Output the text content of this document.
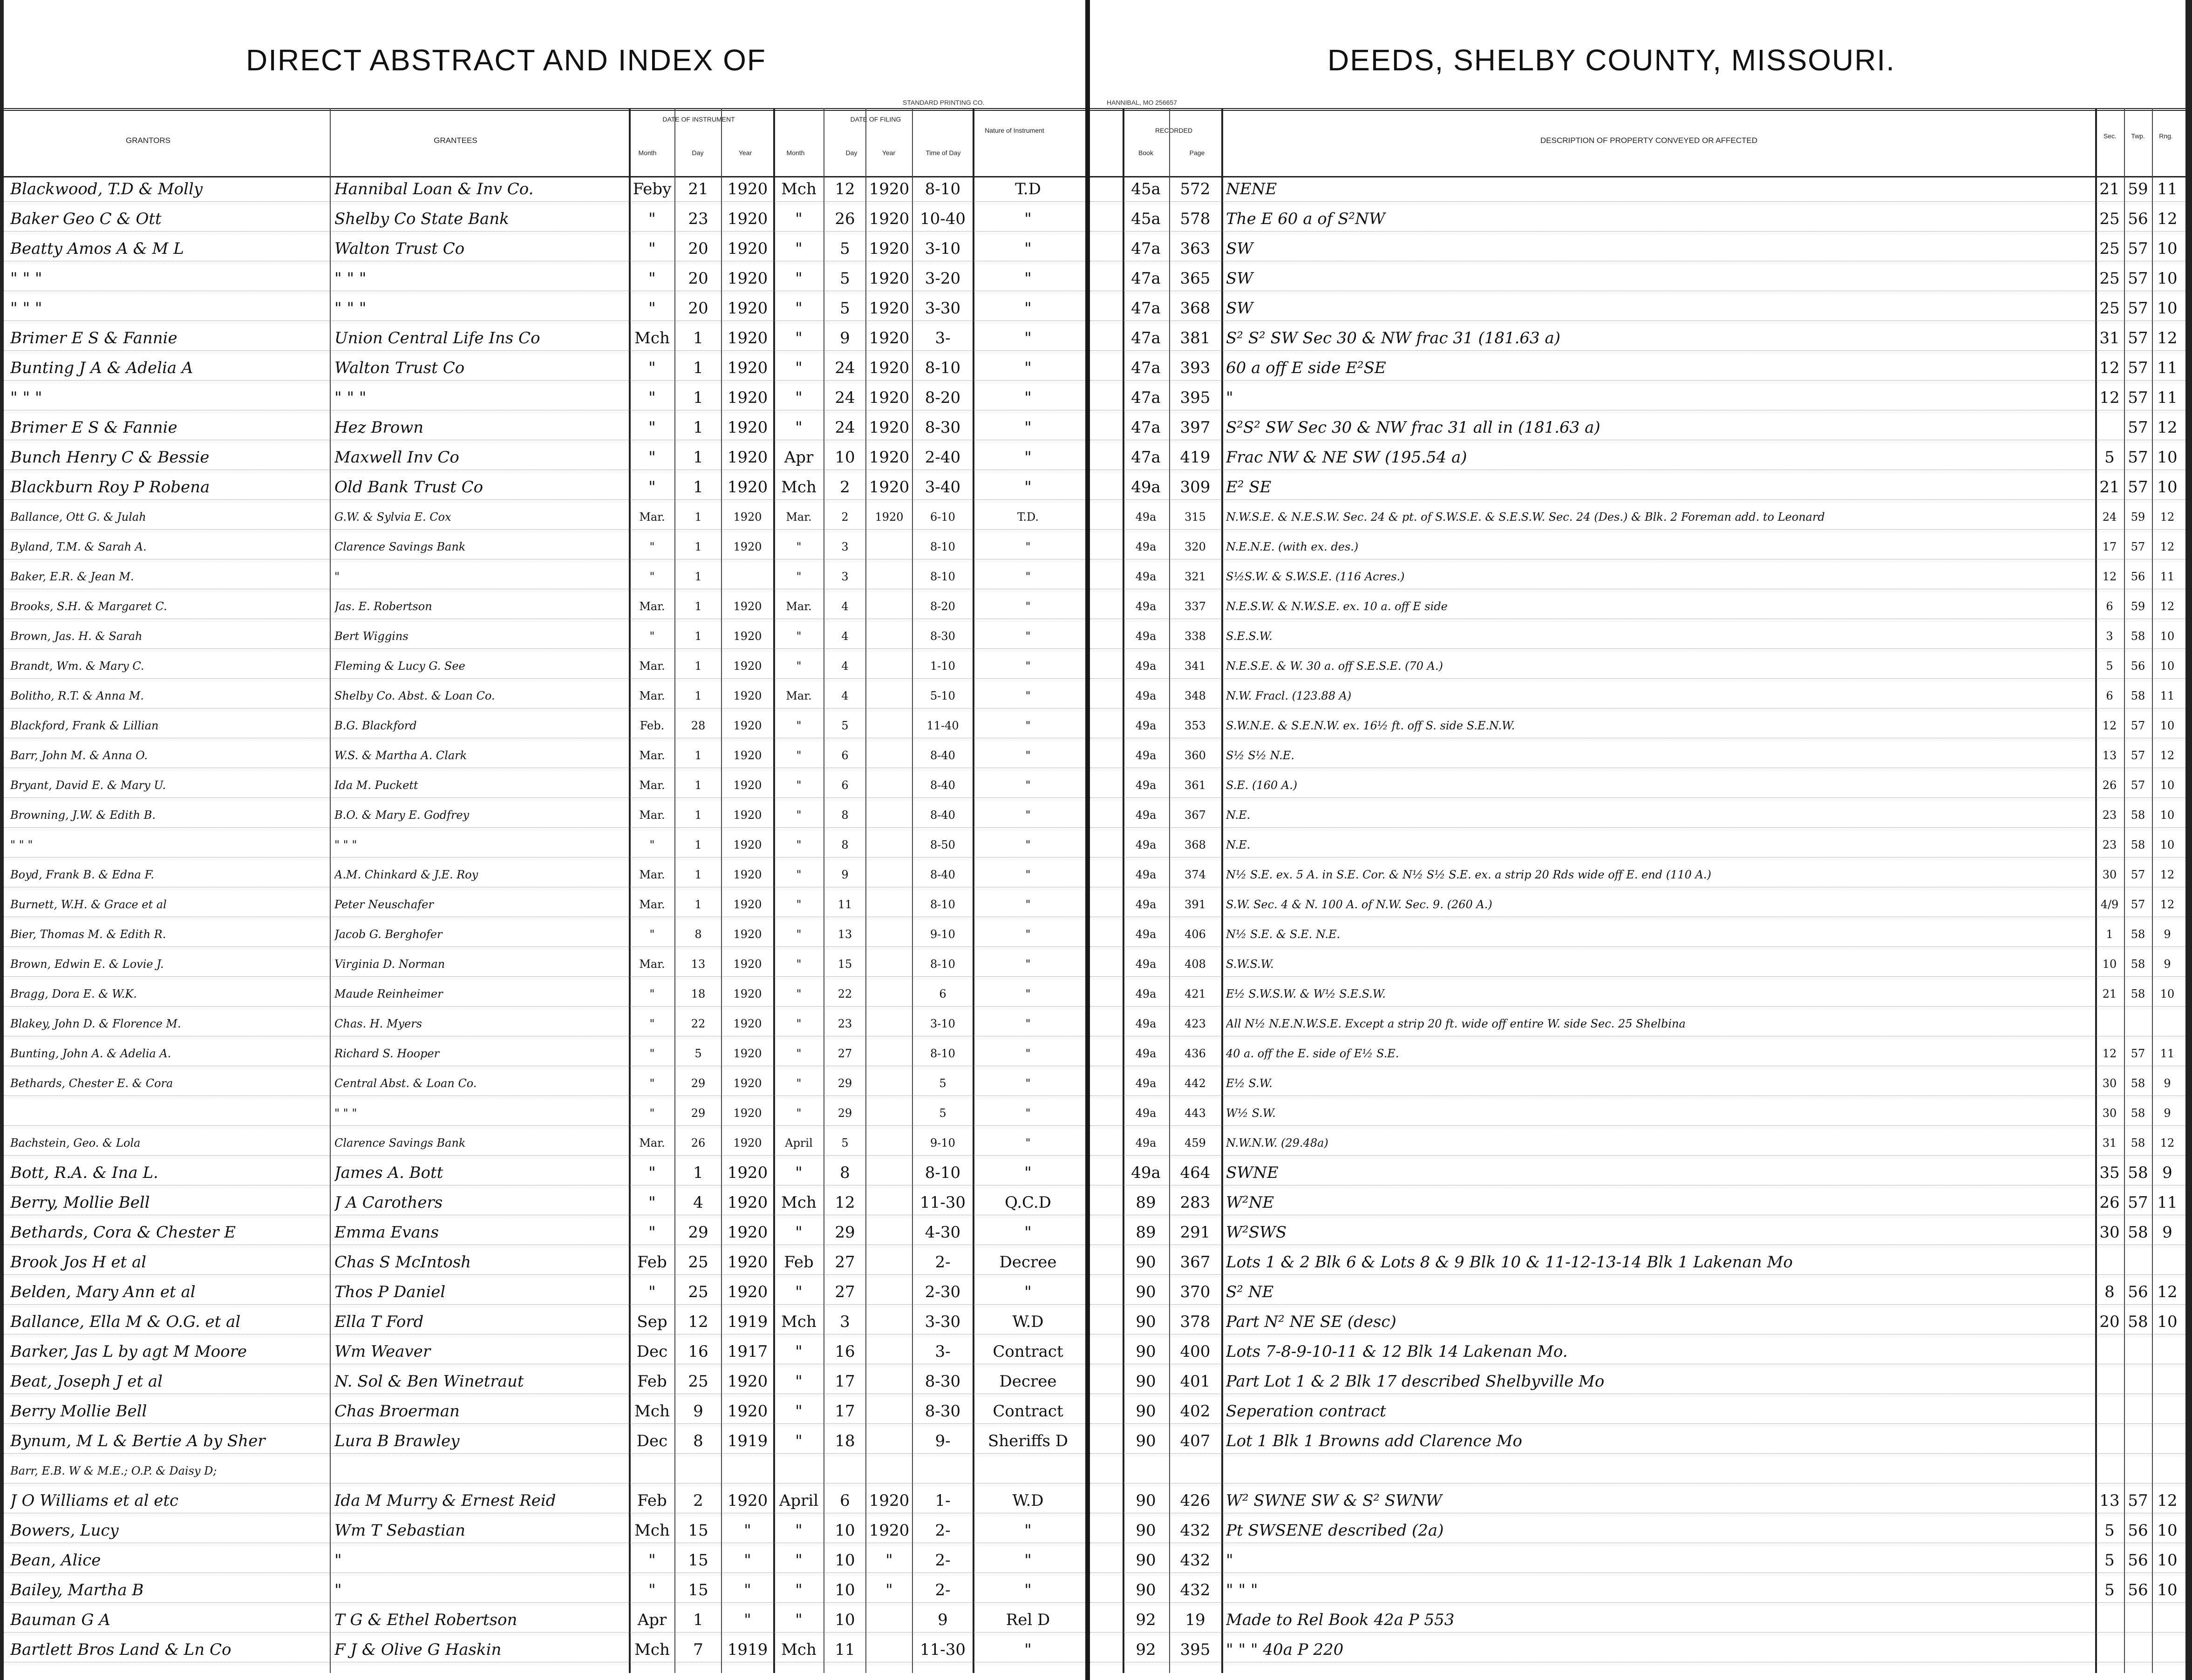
DIRECT ABSTRACT AND INDEX OF
STANDARD PRINTING CO.
GRANTORS	GRANTEES
DATE OF INSTRUMENT
Month	Day	Year
DATE OF FILING
Month	Day	Year	Time of Day
Nature of Instrument
Blackwood, T.D & Molly	Hannibal Loan & Inv Co.	Feby	21	1920 Mch	12 1920 8-10	T.D
Baker Geo C & Ott	Shelby Co State Bank	"	23	1920	"	26 1920 10-40	"
Beatty Amos A & M L	Walton Trust Co	"	20	1920	"	5	1920 3-10	"
" " "	" " "	"	20	1920	"	5	1920 3-20	"
" " "	" " "	"	20	1920	"	5	1920 3-30	"
Brimer E S & Fannie	Union Central Life Ins Co	Mch	1	1920	"	9	1920	3-	"
Bunting J A & Adelia A	Walton Trust Co	"	1	1920	"	24 1920 8-10	"
" " "	" " "	"	1	1920	"	24 1920 8-20	"
Brimer E S & Fannie	Hez Brown	"	1	1920	"	24 1920 8-30	"
Bunch Henry C & Bessie	Maxwell Inv Co	"	1	1920	Apr	10 1920 2-40	"
Blackburn Roy P Robena	Old Bank Trust Co	"	1	1920 Mch	2	1920 3-40	"
Ballance, Ott G. & Julah	G.W. & Sylvia E. Cox	Mar.	1	1920	Mar.	2	1920	6-10	T.D.
Byland, T.M. & Sarah A.	Clarence Savings Bank	"	1	1920	"	3	8-10	"
Baker, E.R. & Jean M.	"	"	1	"	3	8-10	"
Brooks, S.H. & Margaret C.	Jas. E. Robertson	Mar.	1	1920	Mar.	4	8-20	"
Brown, Jas. H. & Sarah	Bert Wiggins	"	1	1920	"	4	8-30	"
Brandt, Wm. & Mary C.	Fleming & Lucy G. See	Mar.	1	1920	"	4	1-10	"
Bolitho, R.T. & Anna M.	Shelby Co. Abst. & Loan Co.	Mar.	1	1920	Mar.	4	5-10	"
Blackford, Frank & Lillian	B.G. Blackford	Feb.	28	1920	"	5	11-40	"
Barr, John M. & Anna O.	W.S. & Martha A. Clark	Mar.	1	1920	"	6	8-40	"
Bryant, David E. & Mary U.	Ida M. Puckett	Mar.	1	1920	"	6	8-40	"
Browning, J.W. & Edith B.	B.O. & Mary E. Godfrey	Mar.	1	1920	"	8	8-40	"
" " "	" " "	"	1	1920	"	8	8-50	"
Boyd, Frank B. & Edna F.	A.M. Chinkard & J.E. Roy	Mar.	1	1920	"	9	8-40	"
Burnett, W.H. & Grace et al	Peter Neuschafer	Mar.	1	1920	"	11	8-10	"
Bier, Thomas M. & Edith R.	Jacob G. Berghofer	"	8	1920	"	13	9-10	"
Brown, Edwin E. & Lovie J.	Virginia D. Norman	Mar.	13	1920	"	15	8-10	"
Bragg, Dora E. & W.K.	Maude Reinheimer	"	18	1920	"	22	6	"
Blakey, John D. & Florence M.	Chas. H. Myers	"	22	1920	"	23	3-10	"
Bunting, John A. & Adelia A.	Richard S. Hooper	"	5	1920	"	27	8-10	"
Bethards, Chester E. & Cora	Central Abst. & Loan Co.	"	29	1920	"	29	5	"
" " "	"	29	1920	"	29	5	"
Bachstein, Geo. & Lola	Clarence Savings Bank	Mar.	26	1920	April	5	9-10	"
Bott, R.A. & Ina L.	James A. Bott	"	1	1920	"	8	8-10	"
Berry, Mollie Bell	J A Carothers	"	4	1920 Mch	12	11-30	Q.C.D
Bethards, Cora & Chester E	Emma Evans	"	29	1920	"	29	4-30	"
Brook Jos H et al	Chas S McIntosh	Feb	25	1920	Feb	27	2-	Decree
Belden, Mary Ann et al	Thos P Daniel	"	25	1920	"	27	2-30	"
Ballance, Ella M & O.G. et al	Ella T Ford	Sep	12	1919 Mch	3	3-30	W.D
Barker, Jas L by agt M Moore	Wm Weaver	Dec	16	1917	"	16	3-	Contract
Beat, Joseph J et al	N. Sol & Ben Winetraut	Feb	25	1920	"	17	8-30	Decree
Berry Mollie Bell	Chas Broerman	Mch	9	1920	"	17	8-30	Contract
Bynum, M L & Bertie A by Sher	Lura B Brawley	Dec	8	1919	"	18	9-	Sheriffs D
Barr, E.B. W & M.E.; O.P. & Daisy D;
J O Williams et al etc	Ida M Murry & Ernest Reid	Feb	2	1920 April	6	1920	1-	W.D
Bowers, Lucy	Wm T Sebastian	Mch	15	"	"	10 1920	2-	"
Bean, Alice	"	"	15	"	"	10	"	2-	"
Bailey, Martha B	"	"	15	"	"	10	"	2-	"
Bauman G A	T G & Ethel Robertson	Apr	1	"	"	10	9	Rel D
Bartlett Bros Land & Ln Co	F J & Olive G Haskin	Mch	7	1919 Mch	11	11-30	"
DEEDS, SHELBY COUNTY, MISSOURI.
HANNIBAL, MO 256657
RECORDED
Book	Page
DESCRIPTION OF PROPERTY CONVEYED OR AFFECTED	Sec.	Twp.	Rng.
45a	572 NENE	21 59 11
45a	578 The E 60 a of S²NW	25 56 12
47a	363 SW	25 57 10
47a	365 SW	25 57 10
47a	368 SW	25 57 10
47a	381 S² S² SW Sec 30 & NW frac 31 (181.63 a)	31 57 12
47a	393 60 a off E side E²SE	12 57 11
47a	395 "	12 57 11
47a	397 S²S² SW Sec 30 & NW frac 31 all in (181.63 a)	57 12
47a	419 Frac NW & NE SW (195.54 a)	5 57 10
49a	309 E² SE	21 57 10
49a	315	N.W.S.E. & N.E.S.W. Sec. 24 & pt. of S.W.S.E. & S.E.S.W. Sec. 24 (Des.) & Blk. 2 Foreman add. to Leonard	24	59	12
49a	320	N.E.N.E. (with ex. des.)	17	57	12
49a	321	S½S.W. & S.W.S.E. (116 Acres.)	12	56	11
49a	337	N.E.S.W. & N.W.S.E. ex. 10 a. off E side	6	59	12
49a	338	S.E.S.W.	3	58	10
49a	341	N.E.S.E. & W. 30 a. off S.E.S.E. (70 A.)	5	56	10
49a	348	N.W. Fracl. (123.88 A)	6	58	11
49a	353	S.W.N.E. & S.E.N.W. ex. 16½ ft. off S. side S.E.N.W.	12	57	10
49a	360	S½ S½ N.E.	13	57	12
49a	361	S.E. (160 A.)	26	57	10
49a	367	N.E.	23	58	10
49a	368	N.E.	23	58	10
49a	374	N½ S.E. ex. 5 A. in S.E. Cor. & N½ S½ S.E. ex. a strip 20 Rds wide off E. end (110 A.)	30	57	12
49a	391	S.W. Sec. 4 & N. 100 A. of N.W. Sec. 9. (260 A.)	4/9	57	12
49a	406	N½ S.E. & S.E. N.E.	1	58	9
49a	408	S.W.S.W.	10	58	9
49a	421	E½ S.W.S.W. & W½ S.E.S.W.	21	58	10
49a	423	All N½ N.E.N.W.S.E. Except a strip 20 ft. wide off entire W. side Sec. 25 Shelbina
49a	436	40 a. off the E. side of E½ S.E.	12	57	11
49a	442	E½ S.W.	30	58	9
49a	443	W½ S.W.	30	58	9
49a	459	N.W.N.W. (29.48a)	31	58	12
49a	464 SWNE	35 58 9
89	283 W²NE	26 57 11
89	291 W²SWS	30 58 9
90	367 Lots 1 & 2 Blk 6 & Lots 8 & 9 Blk 10 & 11-12-13-14 Blk 1 Lakenan Mo
90	370 S² NE	8 56 12
90	378 Part N² NE SE (desc)	20 58 10
90	400 Lots 7-8-9-10-11 & 12 Blk 14 Lakenan Mo.
90	401 Part Lot 1 & 2 Blk 17 described Shelbyville Mo
90	402 Seperation contract
90	407 Lot 1 Blk 1 Browns add Clarence Mo
90	426 W² SWNE SW & S² SWNW	13 57 12
90	432 Pt SWSENE described (2a)	5 56 10
90	432 "	5 56 10
90	432 " " "	5 56 10
92	19	Made to Rel Book 42a P 553
92	395 " " " 40a P 220
